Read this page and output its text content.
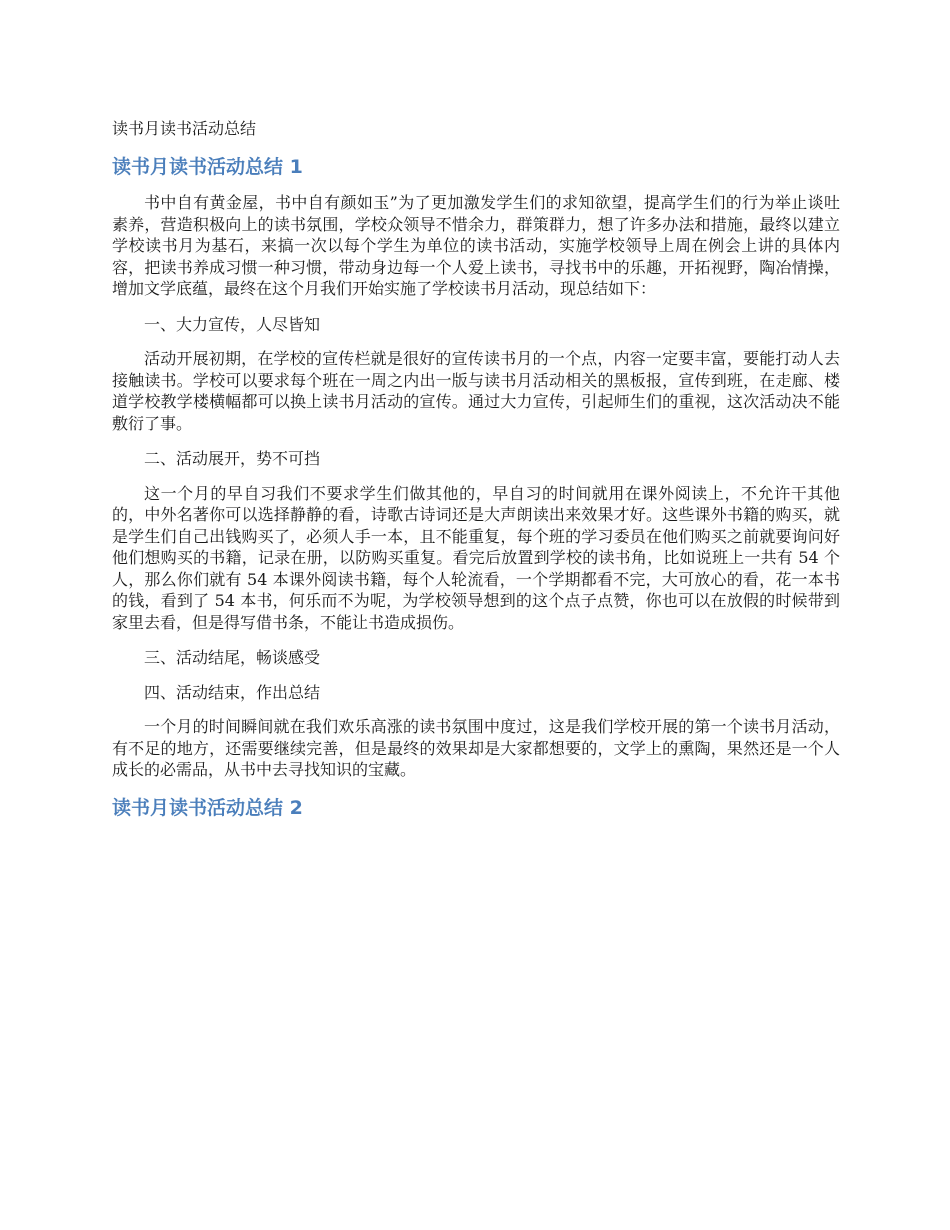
读书月读书活动总结
读书月读书活动总结 1

书中自有黄金屋，书中自有颜如玉”为了更加激发学生们的求知欲望，提高学生们的行为举止谈吐素养，营造积极向上的读书氛围，学校众领导不惜余力，群策群力，想了许多办法和措施，最终以建立学校读书月为基石，来搞一次以每个学生为单位的读书活动，实施学校领导上周在例会上讲的具体内容，把读书养成习惯一种习惯，带动身边每一个人爱上读书，寻找书中的乐趣，开拓视野，陶冶情操，增加文学底蕴，最终在这个月我们开始实施了学校读书月活动，现总结如下：

一、大力宣传，人尽皆知

活动开展初期，在学校的宣传栏就是很好的宣传读书月的一个点，内容一定要丰富，要能打动人去接触读书。学校可以要求每个班在一周之内出一版与读书月活动相关的黑板报，宣传到班，在走廊、楼道学校教学楼横幅都可以换上读书月活动的宣传。通过大力宣传，引起师生们的重视，这次活动决不能敷衍了事。

二、活动展开，势不可挡

这一个月的早自习我们不要求学生们做其他的，早自习的时间就用在课外阅读上，不允许干其他的，中外名著你可以选择静静的看，诗歌古诗词还是大声朗读出来效果才好。这些课外书籍的购买，就是学生们自己出钱购买了，必须人手一本，且不能重复，每个班的学习委员在他们购买之前就要询问好他们想购买的书籍，记录在册，以防购买重复。看完后放置到学校的读书角，比如说班上一共有 54 个人，那么你们就有 54 本课外阅读书籍，每个人轮流看，一个学期都看不完，大可放心的看，花一本书的钱，看到了 54 本书，何乐而不为呢，为学校领导想到的这个点子点赞，你也可以在放假的时候带到家里去看，但是得写借书条，不能让书造成损伤。

三、活动结尾，畅谈感受

四、活动结束，作出总结

一个月的时间瞬间就在我们欢乐高涨的读书氛围中度过，这是我们学校开展的第一个读书月活动，有不足的地方，还需要继续完善，但是最终的效果却是大家都想要的，文学上的熏陶，果然还是一个人成长的必需品，从书中去寻找知识的宝藏。

读书月读书活动总结 2
